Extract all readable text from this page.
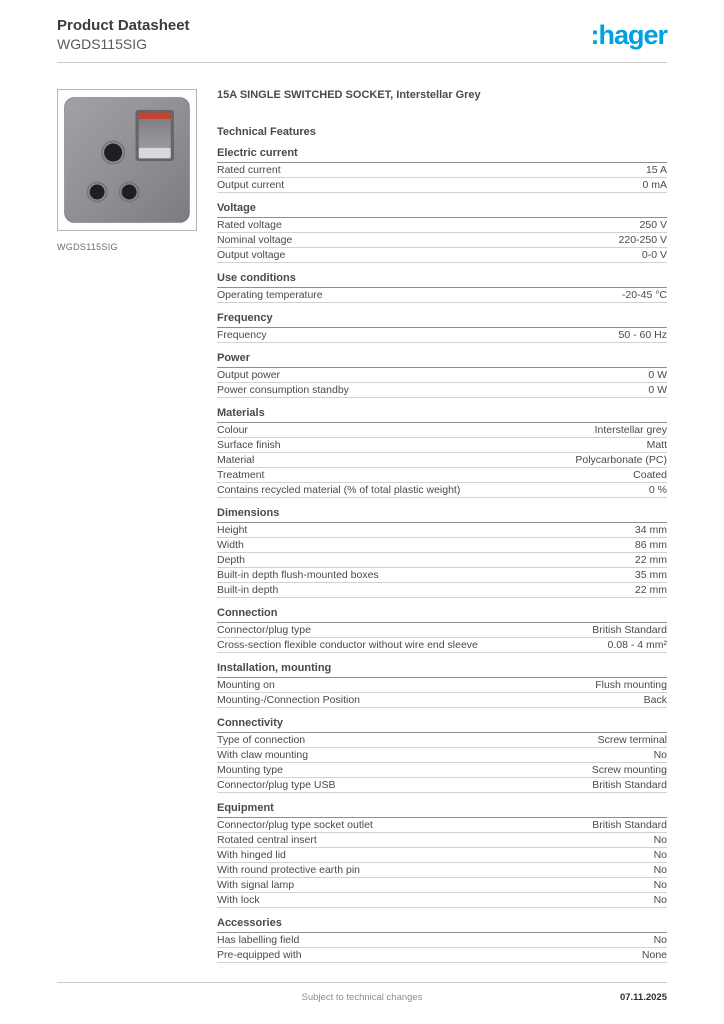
Product Datasheet
WGDS115SIG	:hager
WGDS115SIG
15A SINGLE SWITCHED SOCKET, Interstellar Grey
Technical Features
Electric current
Rated current	15 A
Output current	0 mA
Voltage
Rated voltage	250 V
Nominal voltage	220-250 V
Output voltage	0-0 V
Use conditions
Operating temperature	-20-45 °C
Frequency
Frequency	50 - 60 Hz
Power
Output power	0 W
Power consumption standby	0 W
Materials
Colour	Interstellar grey
Surface finish	Matt
Material	Polycarbonate (PC)
Treatment	Coated
Contains recycled material (% of total plastic weight)	0 %
Dimensions
Height	34 mm
Width	86 mm
Depth	22 mm
Built-in depth flush-mounted boxes	35 mm
Built-in depth	22 mm
Connection
Connector/plug type	British Standard
Cross-section flexible conductor without wire end sleeve	0.08 - 4 mm²
Installation, mounting
Mounting on	Flush mounting
Mounting-/Connection Position	Back
Connectivity
Type of connection	Screw terminal
With claw mounting	No
Mounting type	Screw mounting
Connector/plug type USB	British Standard
Equipment
Connector/plug type socket outlet	British Standard
Rotated central insert	No
With hinged lid	No
With round protective earth pin	No
With signal lamp	No
With lock	No
Accessories
Has labelling field	No
Pre-equipped with	None
Subject to technical changes	07.11.2025
